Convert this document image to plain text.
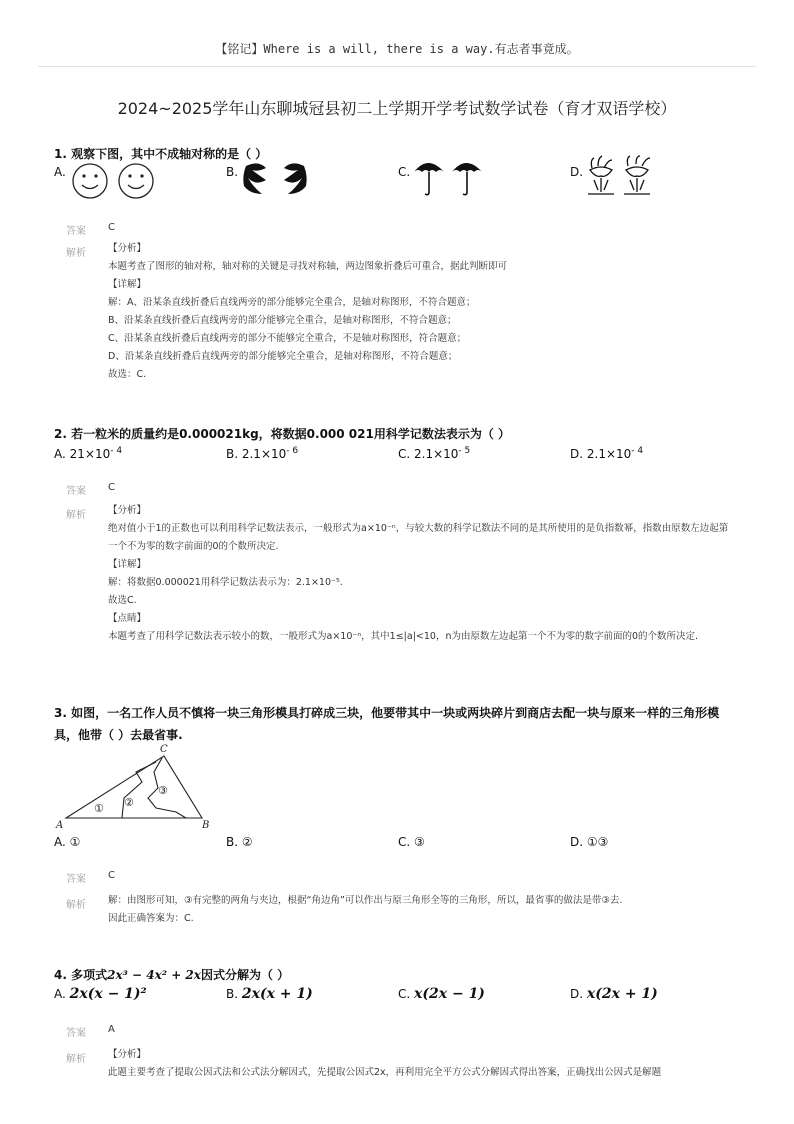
【铭记】Where is a will, there is a way.有志者事竟成。
2024~2025学年山东聊城冠县初二上学期开学考试数学试卷（育才双语学校）
1. 观察下图，其中不成轴对称的是（ ）
A.	B.	C.	D.
答案 C
解析 【分析】

本题考查了图形的轴对称，轴对称的关键是寻找对称轴，两边图象折叠后可重合，据此判断即可

【详解】

解：A、沿某条直线折叠后直线两旁的部分能够完全重合，是轴对称图形，不符合题意；

B、沿某条直线折叠后直线两旁的部分能够完全重合，是轴对称图形，不符合题意；

C、沿某条直线折叠后直线两旁的部分不能够完全重合，不是轴对称图形，符合题意；

D、沿某条直线折叠后直线两旁的部分能够完全重合，是轴对称图形，不符合题意；

故选：C.

2. 若一粒米的质量约是0.000021kg，将数据0.000 021用科学记数法表示为（ ）
A. $21\times 10^{- 4}$	B. $2.1\times 10^{- 6}$	C. $2.1\times 10^{- 5}$	D. $2.1\times 10^{- 4}$
答案 C
解析 【分析】

绝对值小于1的正数也可以利用科学记数法表示，一般形式为a×10⁻ⁿ，与较大数的科学记数法不同的是其所使用的是负指数幂，指数由原数左边起第一个不为零的数字前面的0的个数所决定.

【详解】

解：将数据0.000021用科学记数法表示为：2.1×10⁻⁵.

故选C.

【点睛】

本题考查了用科学记数法表示较小的数，一般形式为a×10⁻ⁿ，其中1≤|a|<10，n为由原数左边起第一个不为零的数字前面的0的个数所决定.

3. 如图，一名工作人员不慎将一块三角形模具打碎成三块，他要带其中一块或两块碎片到商店去配一块与原来一样的三角形模
具，他带（ ）去最省事.
A	B
C
① ②
③
A. ①	B. ②	C. ③	D. ①③
答案 C
解析 解：由图形可知，③有完整的两角与夹边，根据“角边角”可以作出与原三角形全等的三角形，所以，最省事的做法是带③去.

因此正确答案为：C.

4. 多项式2x³ − 4x² + 2x因式分解为（ ）
A. 2x(x − 1)²	B. 2x(x + 1)	C. x(2x − 1)	D. x(2x + 1)
答案 A
解析 【分析】

此题主要考查了提取公因式法和公式法分解因式，先提取公因式2x，再利用完全平方公式分解因式得出答案，正确找出公因式是解题
